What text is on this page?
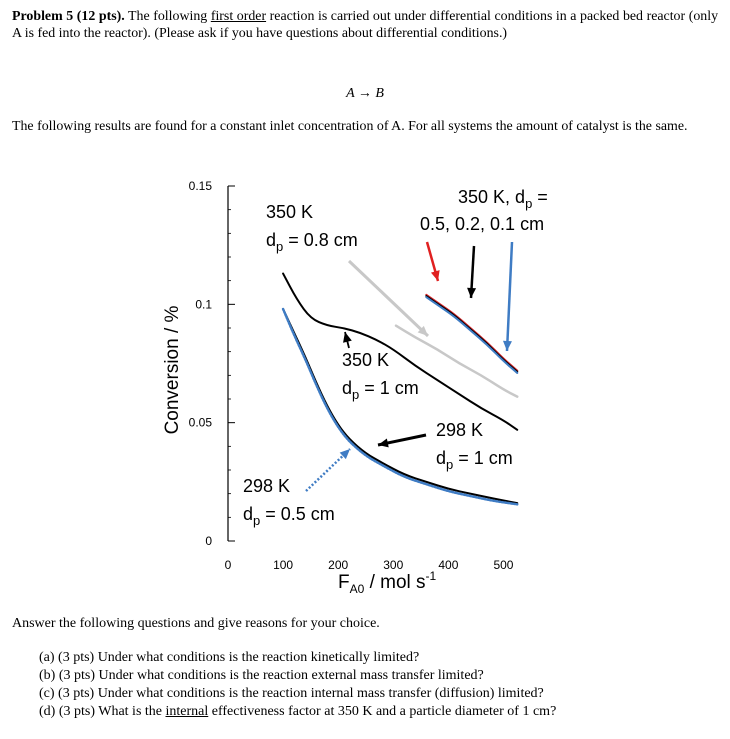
Problem 5 (12 pts). The following first order reaction is carried out under differential conditions in a packed bed reactor (only A is fed into the reactor). (Please ask if you have questions about differential conditions.)
A → B
The following results are found for a constant inlet concentration of A. For all systems the amount of catalyst is the same.
0
0.05
0.1
0.15
0	100	200	300	400	500
350 K
$d_p = 0.8$ cm
350 K, $d_p$ =
0.5, 0.2, 0.1 cm
350 K
$d_p = 1$ cm
298 K
$d_p = 1$ cm
298 K
$d_p = 0.5$ cm
Conversion / %
$F_{A0}$ / mol $s^{-1}$
Answer the following questions and give reasons for your choice.
(a) (3 pts) Under what conditions is the reaction kinetically limited?
(b) (3 pts) Under what conditions is the reaction external mass transfer limited?
(c) (3 pts) Under what conditions is the reaction internal mass transfer (diffusion) limited?
(d) (3 pts) What is the internal effectiveness factor at 350 K and a particle diameter of 1 cm?
